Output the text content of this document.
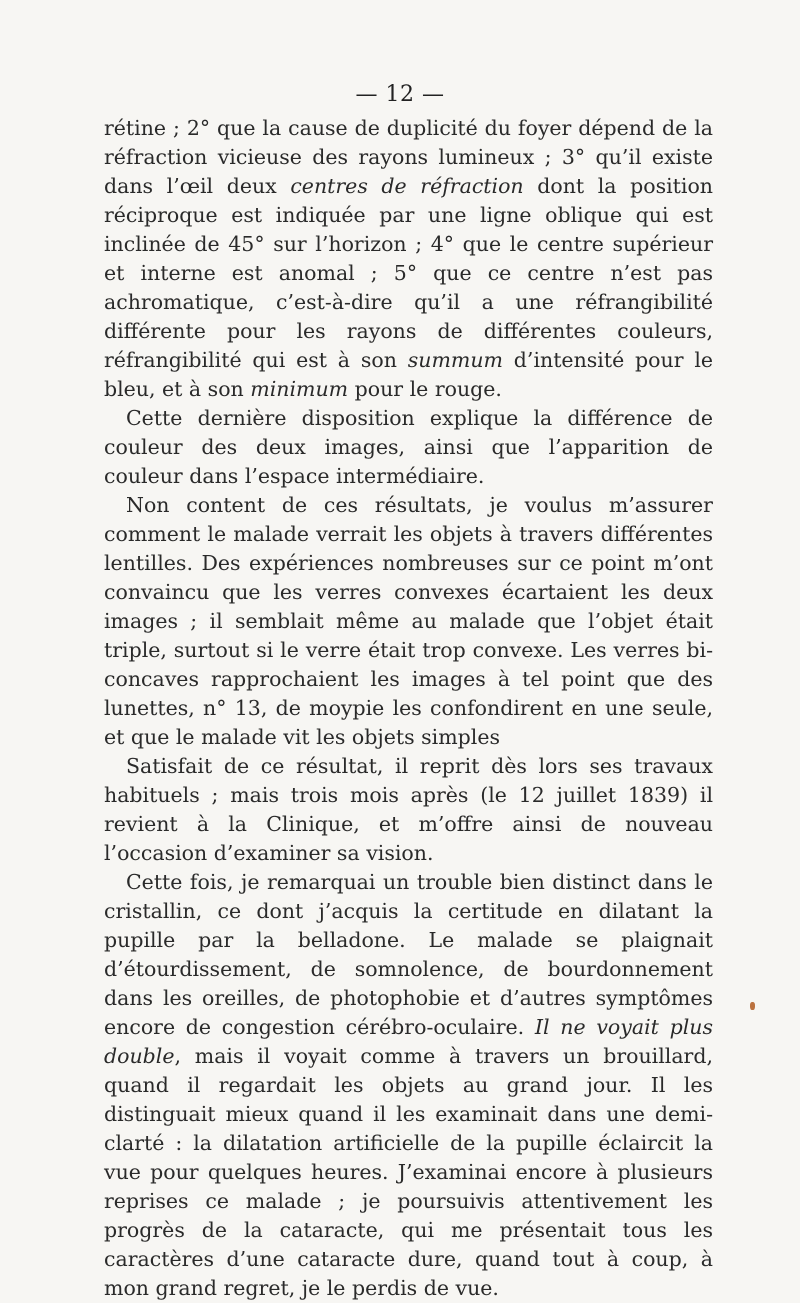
— 12 —

rétine ; 2° que la cause de duplicité du foyer dépend de la réfraction vicieuse des rayons lumineux ; 3° qu’il existe dans l’œil deux centres de réfraction dont la position réciproque est indiquée par une ligne oblique qui est inclinée de 45° sur l’horizon ; 4° que le centre supérieur et interne est anomal ; 5° que ce centre n’est pas achromatique, c’est-à-dire qu’il a une réfrangibilité différente pour les rayons de différentes couleurs, réfrangibilité qui est à son summum d’intensité pour le bleu, et à son minimum pour le rouge.

Cette dernière disposition explique la différence de couleur des deux images, ainsi que l’apparition de couleur dans l’espace intermédiaire.

Non content de ces résultats, je voulus m’assurer comment le malade verrait les objets à travers différentes lentilles. Des expériences nombreuses sur ce point m’ont convaincu que les verres convexes écartaient les deux images ; il semblait même au malade que l’objet était triple, surtout si le verre était trop convexe. Les verres bi-concaves rapprochaient les images à tel point que des lunettes, n° 13, de moypie les confondirent en une seule, et que le malade vit les objets simples

Satisfait de ce résultat, il reprit dès lors ses travaux habituels ; mais trois mois après (le 12 juillet 1839) il revient à la Clinique, et m’offre ainsi de nouveau l’occasion d’examiner sa vision.

Cette fois, je remarquai un trouble bien distinct dans le cristallin, ce dont j’acquis la certitude en dilatant la pupille par la belladone. Le malade se plaignait d’étourdissement, de somnolence, de bourdonnement dans les oreilles, de photophobie et d’autres symptômes encore de congestion cérébro-oculaire. Il ne voyait plus double, mais il voyait comme à travers un brouillard, quand il regardait les objets au grand jour. Il les distinguait mieux quand il les examinait dans une demi-clarté : la dilatation artificielle de la pupille éclaircit la vue pour quelques heures. J’examinai encore à plusieurs reprises ce malade ; je poursuivis attentivement les progrès de la cataracte, qui me présentait tous les caractères d’une cataracte dure, quand tout à coup, à mon grand regret, je le perdis de vue.
